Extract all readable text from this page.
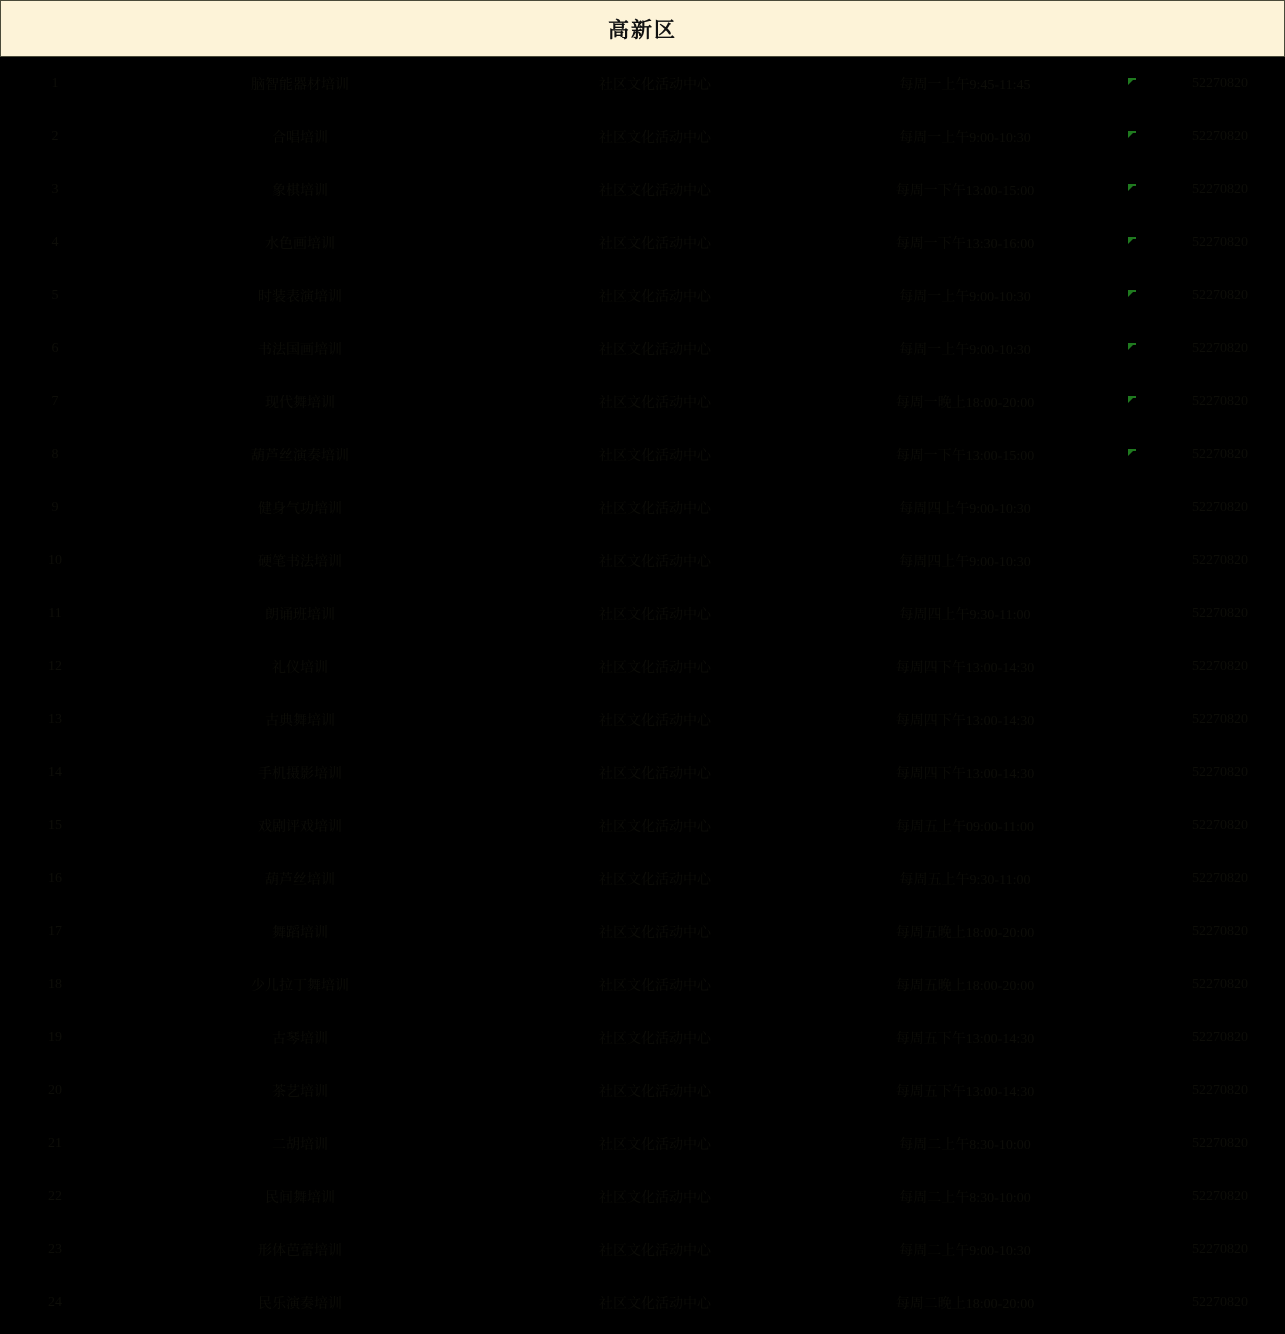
高新区
1	脑智能器材培训	社区文化活动中心	每周一上午9:45-11:45		52270820
2	合唱培训	社区文化活动中心	每周一上午9:00-10:30		52270820
3	象棋培训	社区文化活动中心	每周一下午13:00-15:00		52270820
4	水色画培训	社区文化活动中心	每周一下午13:30-16:00		52270820
5	时装表演培训	社区文化活动中心	每周一上午9:00-10:30		52270820
6	书法国画培训	社区文化活动中心	每周一上午9:00-10:30		52270820
7	现代舞培训	社区文化活动中心	每周一晚上18:00-20:00		52270820
8	葫芦丝演奏培训	社区文化活动中心	每周一下午13:00-15:00		52270820
9	健身气功培训	社区文化活动中心	每周四上午9:00-10:30		52270820
10	硬笔书法培训	社区文化活动中心	每周四上午9:00-10:30		52270820
11	朗诵班培训	社区文化活动中心	每周四上午9:30-11:00		52270820
12	礼仪培训	社区文化活动中心	每周四下午13:00-14:30		52270820
13	古典舞培训	社区文化活动中心	每周四下午13:00-14:30		52270820
14	手机摄影培训	社区文化活动中心	每周四下午13:00-14:30		52270820
15	戏剧评戏培训	社区文化活动中心	每周五上午09:00-11:00		52270820
16	葫芦丝培训	社区文化活动中心	每周五上午9:30-11:00		52270820
17	舞蹈培训	社区文化活动中心	每周五晚上18:00-20:00		52270820
18	少儿拉丁舞培训	社区文化活动中心	每周五晚上18:00-20:00		52270820
19	古琴培训	社区文化活动中心	每周五下午13:00-14:30		52270820
20	茶艺培训	社区文化活动中心	每周五下午13:00-14:30		52270820
21	二胡培训	社区文化活动中心	每周二上午8:30-10:00		52270820
22	民间舞培训	社区文化活动中心	每周二上午8:30-10:00		52270820
23	形体芭蕾培训	社区文化活动中心	每周二上午9:00-10:30		52270820
24	民乐演奏培训	社区文化活动中心	每周二晚上18:00-20:00		52270820
